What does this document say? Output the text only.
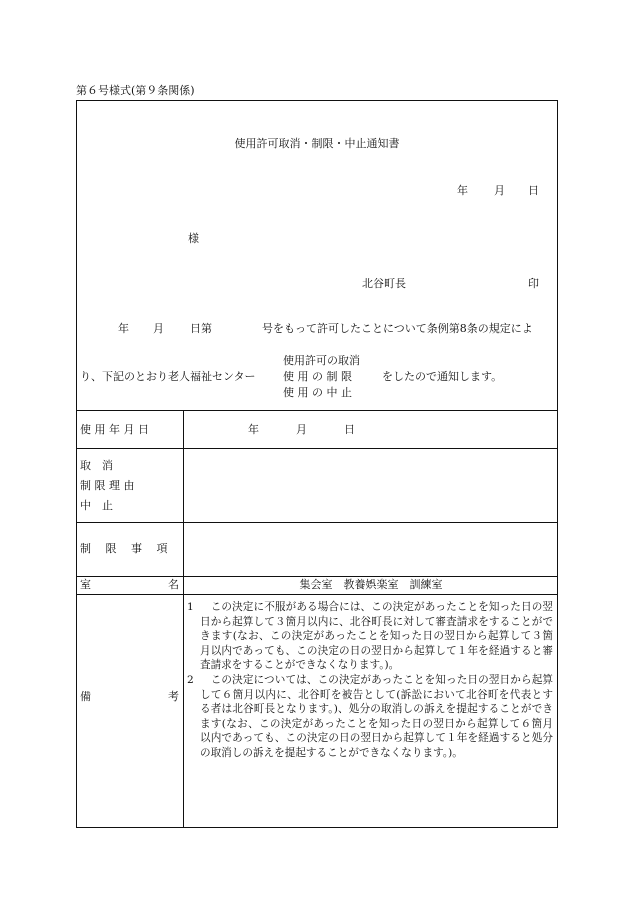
第６号様式(第９条関係)
使用許可取消・制限・中止通知書
年 月 日
様
北谷町長	印
年 月 日第	号をもって許可したことについて条例第8条の規定によ
使用許可の取消
り、下記のとおり老人福祉センター 使 用 の 制 限	をしたので通知します。
使 用 の 中 止
使 用 年 月 日	年	月	日
取　消
制 限 理 由
中　止
制　 限　 事　 項
室	名	集会室　教養娯楽室　訓練室
備	考
1 　この決定に不服がある場合には、この決定があったことを知った日の翌日から起算して３箇月以内に、北谷町長に対して審査請求をすることができます(なお、この決定があったことを知った日の翌日から起算して３箇月以内であっても、この決定の日の翌日から起算して１年を経過すると審査請求をすることができなくなります。)。
2 　この決定については、この決定があったことを知った日の翌日から起算して６箇月以内に、北谷町を被告として(訴訟において北谷町を代表とする者は北谷町長となります。)、処分の取消しの訴えを提起することができます(なお、この決定があったことを知った日の翌日から起算して６箇月以内であっても、この決定の日の翌日から起算して１年を経過すると処分の取消しの訴えを提起することができなくなります。)。
